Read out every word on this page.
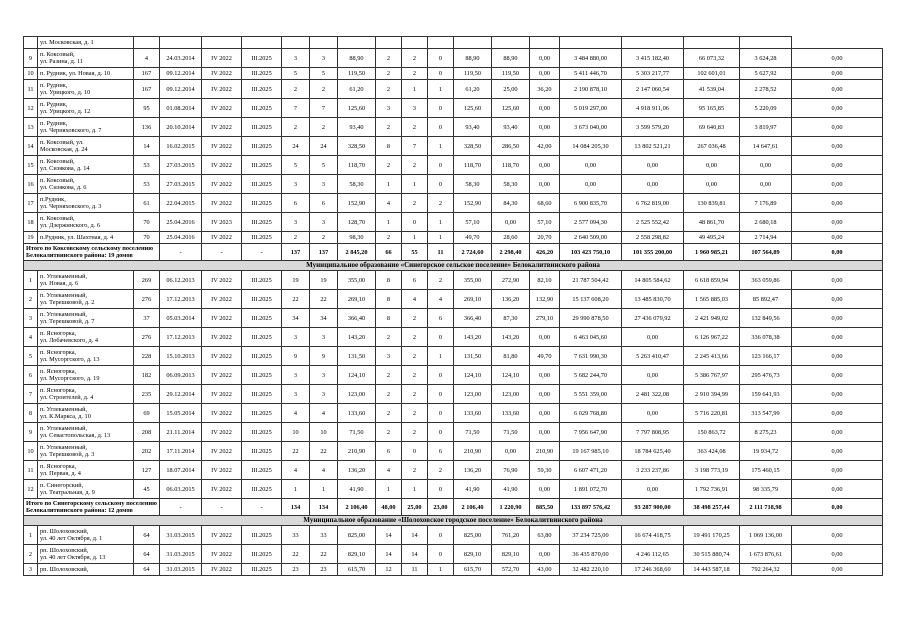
	ул. Московская, д. 1																		
9	п. Коксовый,
ул. Разина, д. 11	4	24.03.2014	IV 2022	III.2025	3	3	88,90	2	2	0	88,90	88,90	0,00	3 484 880,00	3 415 182,40	66 073,32	3 624,28	0,00
10	п. Рудник, ул. Новая, д. 10	167	09.12.2014	IV 2022	III.2025	5	5	119,50	2	2	0	119,50	119,50	0,00	5 411 446,70	5 303 217,77	102 601,01	5 627,92	0,00
11	п. Рудник,
ул. Урицкого, д. 10	167	09.12.2014	IV 2022	III.2025	2	2	61,20	2	1	1	61,20	25,00	36,20	2 190 878,10	2 147 060,54	41 539,04	2 278,52	0,00
12	п. Рудник,
ул. Урицкого, д. 12	95	01.08.2014	IV 2022	III.2025	7	7	125,60	3	3	0	125,60	125,60	0,00	5 019 297,00	4 918 911,06	95 165,85	5 220,09	0,00
13	п. Рудник,
ул. Черняховского, д. 7	136	20.10.2014	IV 2022	III.2025	2	2	93,40	2	2	0	93,40	93,40	0,00	3 673 040,00	3 599 579,20	69 640,83	3 819,97	0,00
14	п. Коксовый, ул.
Московская, д. 24	14	16.02.2015	IV 2022	III.2025	24	24	328,50	8	7	1	328,50	286,50	42,00	14 084 205,30	13 802 521,21	267 036,48	14 647,61	0,00
15	п. Коксовый,
ул. Сизякова, д. 14	53	27.03.2015	IV 2022	III.2025	5	5	118,70	2	2	0	118,70	118,70	0,00	0,00	0,00	0,00	0,00	0,00
16	п. Коксовый,
ул. Сизякова, д. 6	53	27.03.2015	IV 2022	III.2025	3	3	58,30	1	1	0	58,30	58,30	0,00	0,00	0,00	0,00	0,00	0,00
17	п.Рудник,
ул. Черняховского, д. 3	61	22.04.2015	IV 2022	III.2025	6	6	152,90	4	2	2	152,90	84,30	68,60	6 900 835,70	6 762 819,00	130 839,81	7 176,89	0,00
18	п. Коксовый,
ул. Дзержинского, д. 6	70	25.04.2016	IV 2023	III.2025	3	3	128,70	1	0	1	57,10	0,00	57,10	2 577 094,30	2 525 552,42	48 861,70	2 680,18	0,00
19	п.Рудник, ул. Шахтная, д. 4	70	25.04.2016	IV 2022	III.2025	2	2	98,30	2	1	1	49,70	28,60	20,70	2 640 509,00	2 558 298,82	49 495,24	2 714,94	0,00
Итого по Коксовскому сельскому поселению
Белокалитвинского района: 19 домов			-	-	-	137	137	2 845,20	66	55	11	2 724,60	2 298,40	426,20	103 423 750,10	101 355 200,00	1 960 985,21	107 564,89	0,00
Муниципальное образование «Синегорское сельское поселение» Белокалитвинского района																			
1	п. Углекаменный,
ул. Новая, д. 6	269	06.12.2013	IV 2022	III.2025	19	19	355,00	8	6	2	355,00	272,90	82,10	21 787 504,42	14 805 584,62	6 618 859,94	363 059,86	0,00
2	п. Углекаменный,
ул. Терешковой, д. 2	276	17.12.2013	IV 2022	III.2025	22	22	269,10	8	4	4	269,10	136,20	132,90	15 137 608,20	13 485 830,70	1 565 885,03	85 892,47	0,00
3	п. Углекаменный,
ул. Терешковой, д. 7	37	05.03.2014	IV 2022	III.2025	34	34	366,40	8	2	6	366,40	87,30	279,10	29 990 878,50	27 436 079,92	2 421 949,02	132 849,56	0,00
4	п. Ясногорка,
ул. Лобачевского, д. 4	276	17.12.2013	IV 2022	III.2025	3	3	143,20	2	2	0	143,20	143,20	0,00	6 463 045,60	0,00	6 126 967,22	336 078,38	0,00
5	п. Ясногорка,
ул. Мусоргского, д. 13	228	15.10.2013	IV 2022	III.2025	9	9	131,50	3	2	1	131,50	81,80	49,70	7 631 990,30	5 263 410,47	2 245 413,66	123 166,17	0,00
6	п. Ясногорка,
ул. Мусоргского, д. 19	182	06.09.2013	IV 2022	III.2025	3	3	124,10	2	2	0	124,10	124,10	0,00	5 682 244,70	0,00	5 386 767,97	295 476,73	0,00
7	п. Ясногорка,
ул. Строителей, д. 4	235	29.12.2014	IV 2022	III.2025	3	3	123,00	2	2	0	123,00	123,00	0,00	5 551 359,00	2 481 322,08	2 910 394,99	159 641,93	0,00
8	п. Углекаменный,
ул. К.Маркса, д. 10	69	15.05.2014	IV 2022	III.2025	4	4	133,60	2	2	0	133,60	133,60	0,00	6 029 768,80	0,00	5 716 220,81	313 547,99	0,00
9	п. Углекаменный,
ул. Севастопольская, д. 13	208	21.11.2014	IV 2022	III.2025	10	10	71,50	2	2	0	71,50	71,50	0,00	7 956 647,90	7 797 808,95	150 863,72	8 275,23	0,00
10	п. Углекаменный,
ул. Терешковой, д. 3	202	17.11.2014	IV 2022	III.2025	22	22	210,90	6	0	6	210,90	0,00	210,90	19 167 985,10	18 784 625,40	363 424,08	19 934,72	0,00
11	п. Ясногорка,
ул. Первая, д. 4	127	18.07.2014	IV 2022	III.2025	4	4	136,20	4	2	2	136,20	76,90	59,30	6 607 471,20	3 233 237,86	3 198 773,19	175 460,15	0,00
12	п. Синегорский,
ул. Театральная, д. 9	45	06.03.2015	IV 2022	III.2025	1	1	41,90	1	1	0	41,90	41,90	0,00	1 891 072,70	0,00	1 792 736,91	98 335,79	0,00
Итого по Синегорскому сельскому поселению
Белокалитвинского района: 12 домов			-	-	-	134	134	2 106,40	48,00	25,00	23,00	2 106,40	1 220,90	885,50	133 897 576,42	93 287 900,00	38 498 257,44	2 111 718,98	0,00
Муниципальное образование «Шолоховское городское поселение» Белокалитвинского района																			
1	рп. Шолоховский,
ул. 40 лет Октября, д. 1	64	31.03.2015	IV 2022	III.2025	33	33	825,00	14	14	0	825,00	761,20	63,80	37 234 725,00	16 674 418,75	19 491 170,25	1 069 136,00	0,00
2	рп. Шолоховский,
ул. 40 лет Октября, д. 13	64	31.03.2015	IV 2022	III.2025	22	22	829,10	14	14	0	829,10	829,10	0,00	36 435 870,00	4 246 112,65	30 515 880,74	1 673 876,61	0,00
3	рп. Шолоховский,	64	31.03.2015	IV 2022	III.2025	23	23	615,70	12	11	1	615,70	572,70	43,00	32 482 220,10	17 246 368,60	14 443 587,18	792 264,32	0,00
